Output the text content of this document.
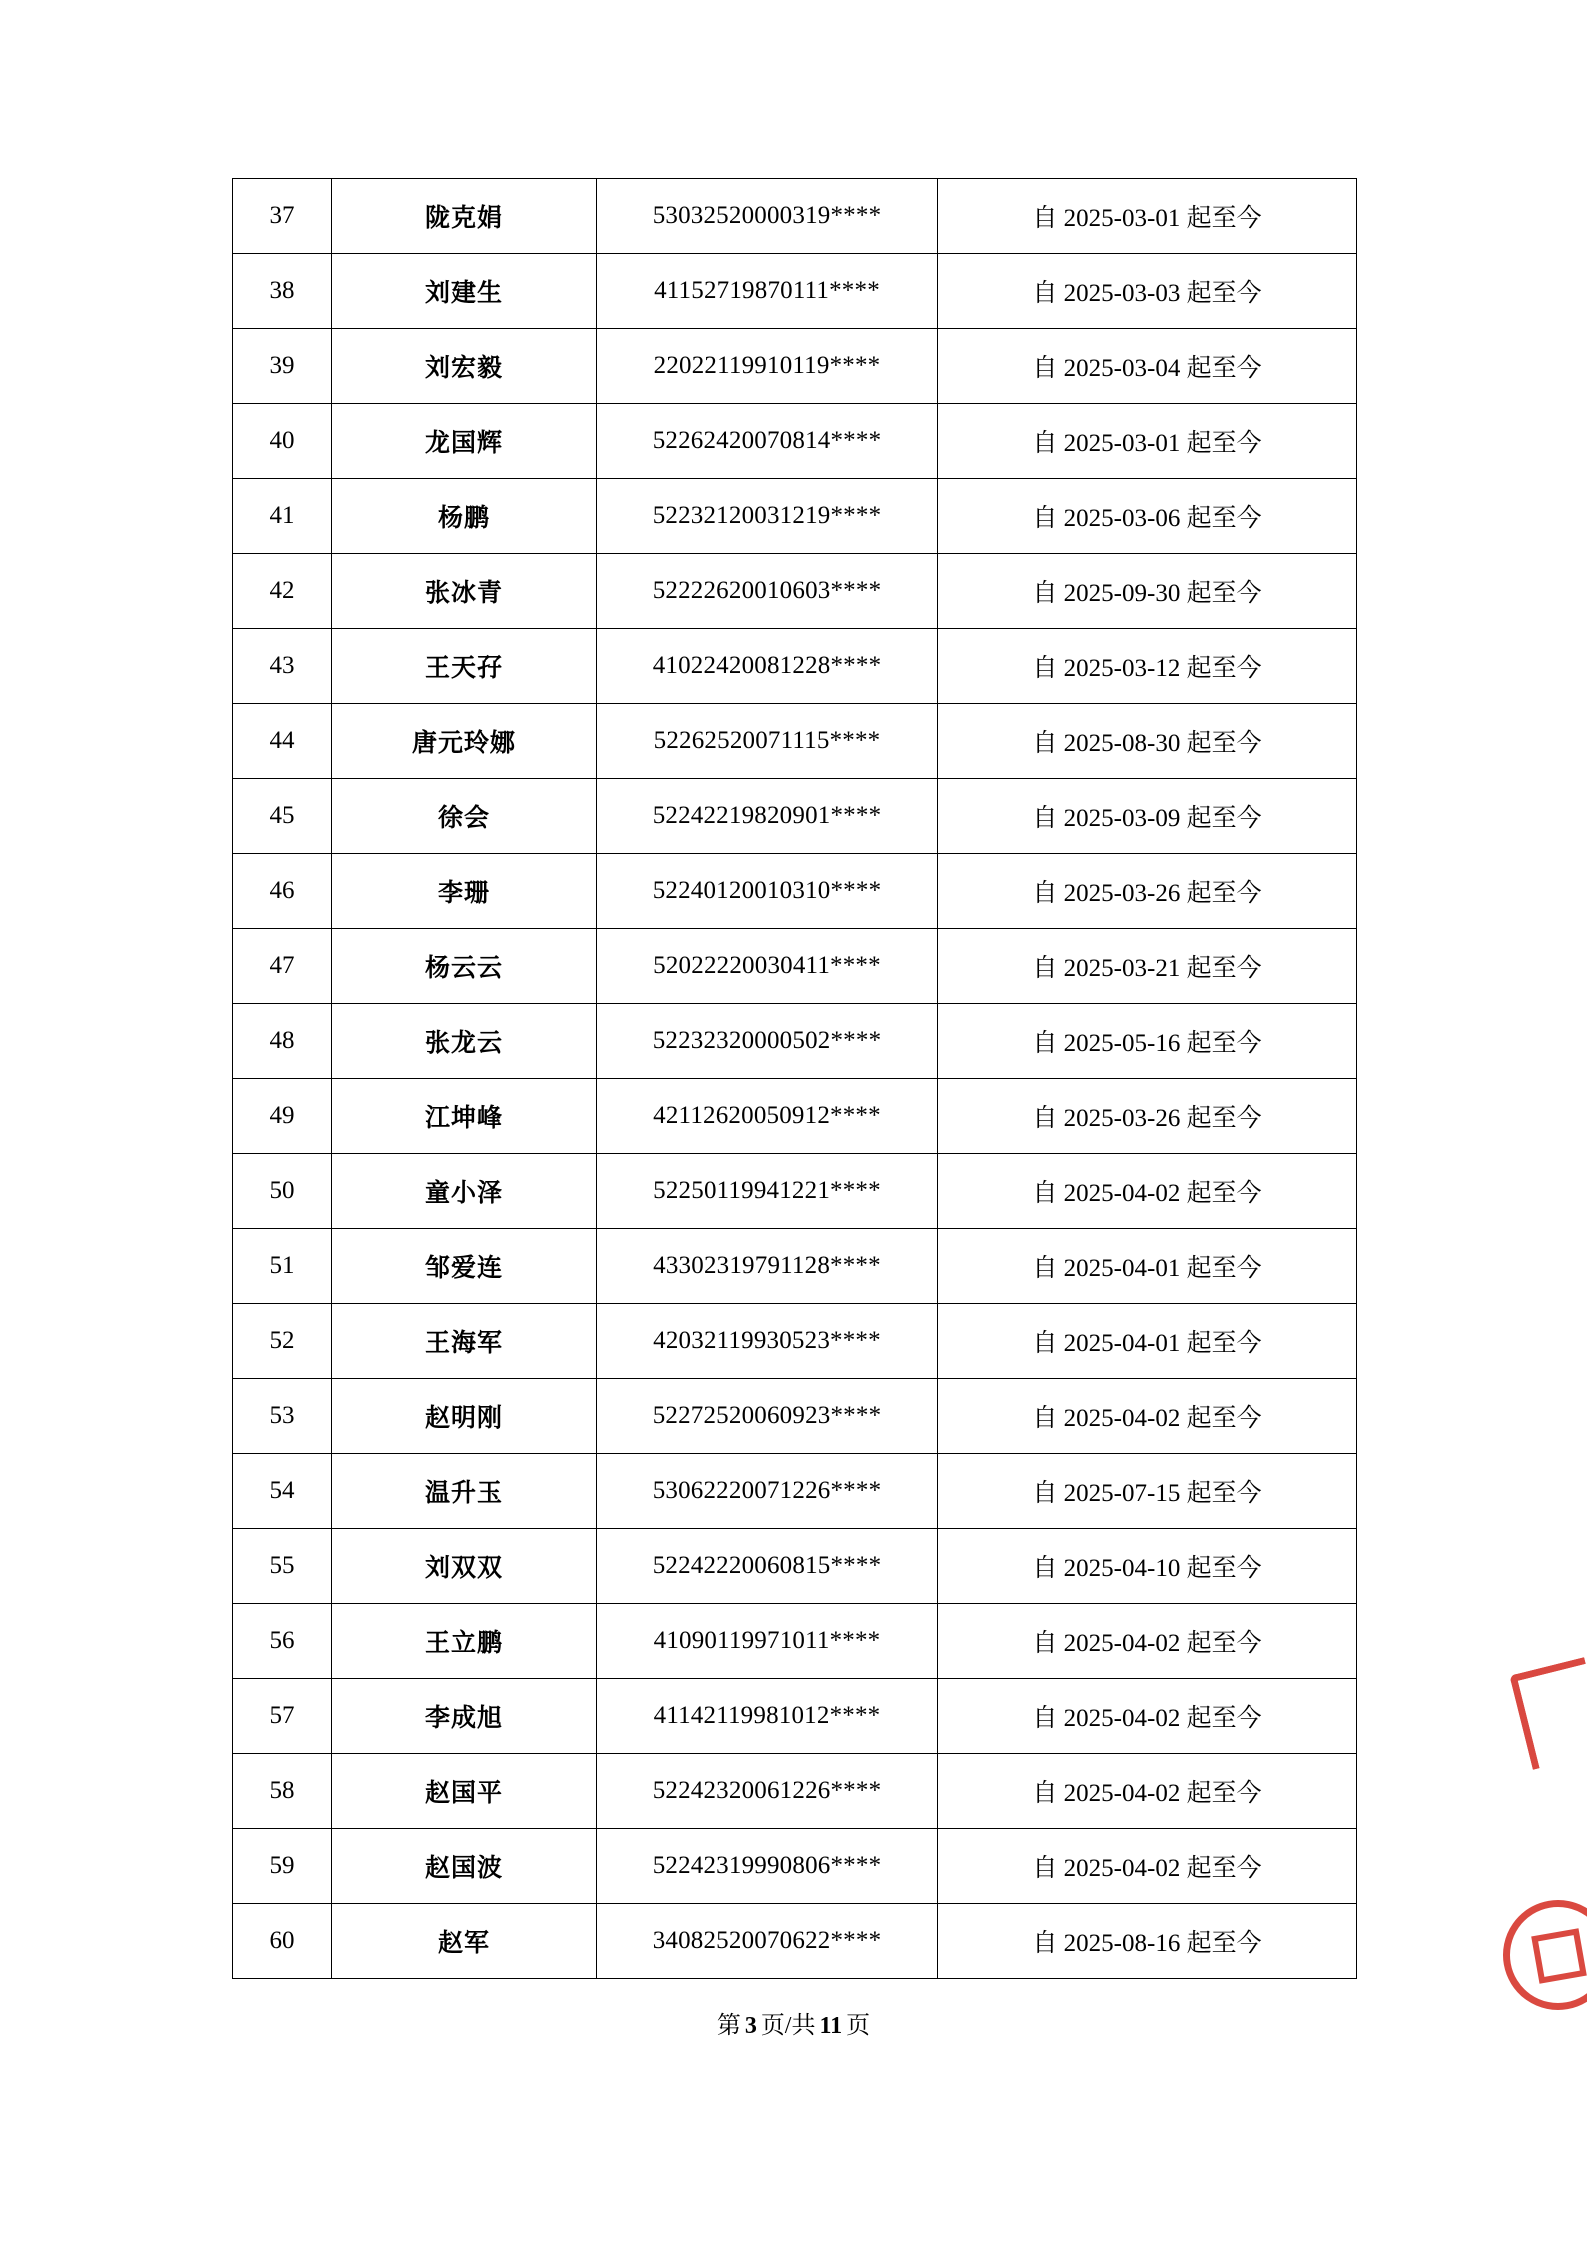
37	陇克娟	53032520000319****	自 2025-03-01 起至今
38	刘建生	41152719870111****	自 2025-03-03 起至今
39	刘宏毅	22022119910119****	自 2025-03-04 起至今
40	龙国辉	52262420070814****	自 2025-03-01 起至今
41	杨鹏	52232120031219****	自 2025-03-06 起至今
42	张冰青	52222620010603****	自 2025-09-30 起至今
43	王天孖	41022420081228****	自 2025-03-12 起至今
44	唐元玲娜	52262520071115****	自 2025-08-30 起至今
45	徐会	52242219820901****	自 2025-03-09 起至今
46	李珊	52240120010310****	自 2025-03-26 起至今
47	杨云云	52022220030411****	自 2025-03-21 起至今
48	张龙云	52232320000502****	自 2025-05-16 起至今
49	江坤峰	42112620050912****	自 2025-03-26 起至今
50	童小泽	52250119941221****	自 2025-04-02 起至今
51	邹爱连	43302319791128****	自 2025-04-01 起至今
52	王海军	42032119930523****	自 2025-04-01 起至今
53	赵明刚	52272520060923****	自 2025-04-02 起至今
54	温升玉	53062220071226****	自 2025-07-15 起至今
55	刘双双	52242220060815****	自 2025-04-10 起至今
56	王立鹏	41090119971011****	自 2025-04-02 起至今
57	李成旭	41142119981012****	自 2025-04-02 起至今
58	赵国平	52242320061226****	自 2025-04-02 起至今
59	赵国波	52242319990806****	自 2025-04-02 起至今
60	赵军	34082520070622****	自 2025-08-16 起至今
第 3 页/共 11 页
